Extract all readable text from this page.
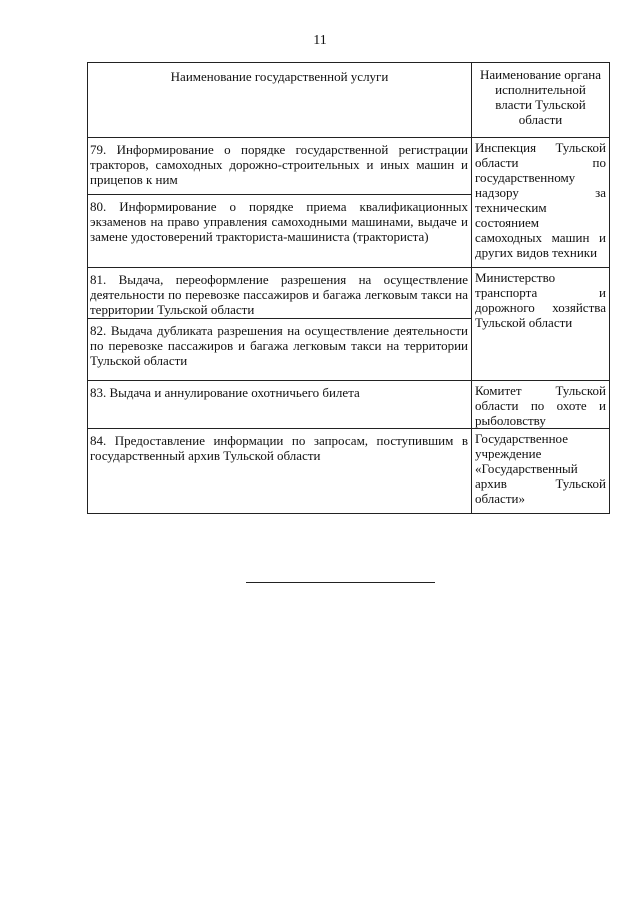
11
Наименование государственной услуги	Наименование органа исполнительной власти Тульской области
79. Информирование о порядке государственной регистрации тракторов, самоходных дорожно-строительных и иных машин и прицепов к ним	Инспекция Тульской области по государственному надзору за техническим состоянием самоходных машин и других видов техники
80. Информирование о порядке приема квалификационных экзаменов на право управления самоходными машинами, выдаче и замене удостоверений тракториста-машиниста (тракториста)	
81. Выдача, переоформление разрешения на осуществление деятельности по перевозке пассажиров и багажа легковым такси на территории Тульской области	Министерство транспорта и дорожного хозяйства Тульской области
82. Выдача дубликата разрешения на осуществление деятельности по перевозке пассажиров и багажа легковым такси на территории Тульской области	
83. Выдача и аннулирование охотничьего билета	Комитет Тульской области по охоте и рыболовству
84. Предоставление информации по запросам, поступившим в государственный архив Тульской области	Государственное учреждение «Государственный архив Тульской области»
